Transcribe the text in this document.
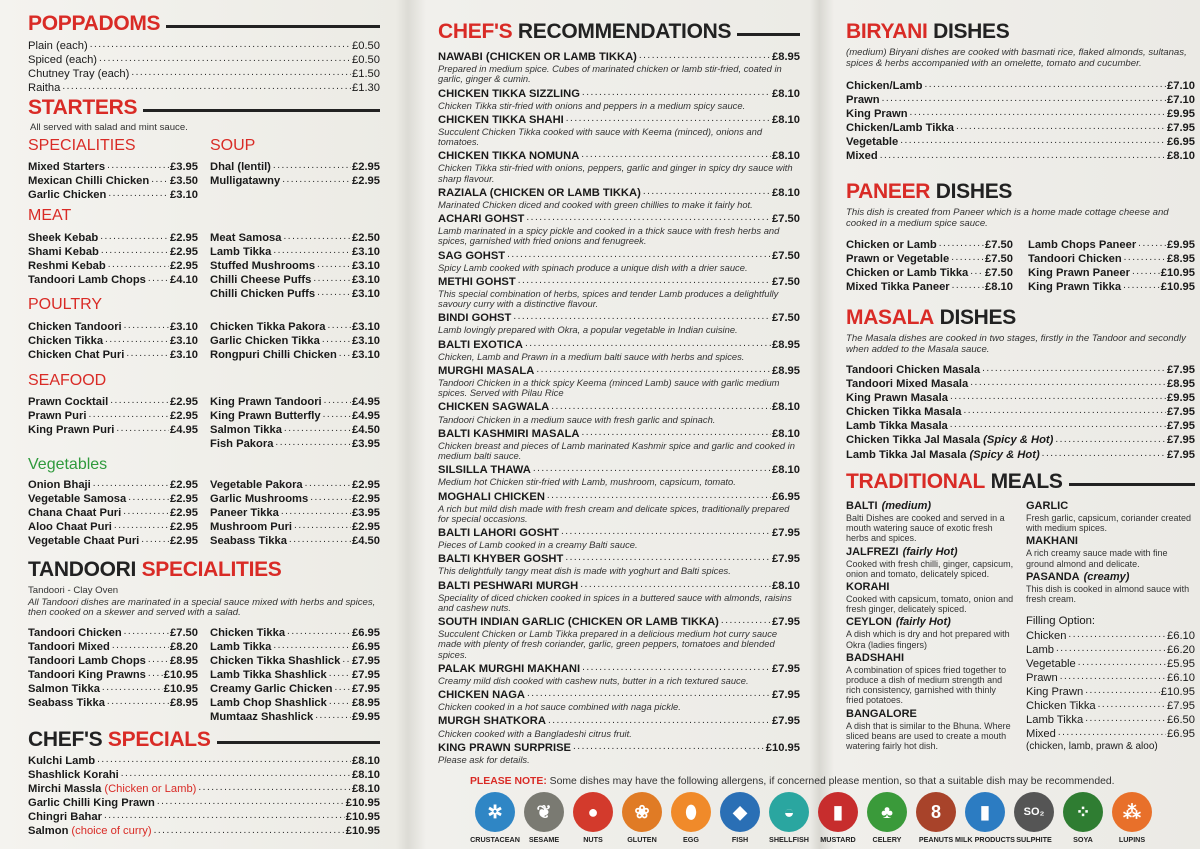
POPPADOMS
Plain (each) .....	£0.50
Spiced (each) .....	£0.50
Chutney Tray (each) .....	£1.50
Raitha .....	£1.30
STARTERS
All served with salad and mint sauce.
SPECIALITIES
Mixed Starters .....	£3.95
Mexican Chilli Chicken ..... £3.50
Garlic Chicken .....	£3.10
SOUP
Dhal (lentil) .....	£2.95
Mulligatawny .....	£2.95
MEAT
Sheek Kebab .....	£2.95
Shami Kebab .....	£2.95
Reshmi Kebab .....	£2.95
Tandoori Lamb Chops ..... £4.10
Meat Samosa .....	£2.50
Lamb Tikka .....	£3.10
Stuffed Mushrooms .....	£3.10
Chilli Cheese Puffs .....	£3.10
Chilli Chicken Puffs .....	£3.10
POULTRY
Chicken Tandoori .....	£3.10
Chicken Tikka .....	£3.10
Chicken Chat Puri .....	£3.10
Chicken Tikka Pakora ..... £3.10
Garlic Chicken Tikka .....	£3.10
Rongpuri Chilli Chicken ..... £3.10
SEAFOOD
Prawn Cocktail .....	£2.95
Prawn Puri .....	£2.95
King Prawn Puri .....	£4.95
King Prawn Tandoori .....	£4.95
King Prawn Butterfly .....	£4.95
Salmon Tikka .....	£4.50
Fish Pakora .....	£3.95
Vegetables
Onion Bhaji .....	£2.95
Vegetable Samosa .....	£2.95
Chana Chaat Puri .....	£2.95
Aloo Chaat Puri .....	£2.95
Vegetable Chaat Puri .....	£2.95
Vegetable Pakora .....	£2.95
Garlic Mushrooms .....	£2.95
Paneer Tikka .....	£3.95
Mushroom Puri .....	£2.95
Seabass Tikka .....	£4.50
TANDOORI
SPECIALITIES
Tandoori - Clay Oven
All Tandoori dishes are marinated in a special sauce mixed with herbs and spices, then cooked on a skewer and served with a salad.
Tandoori Chicken .....	£7.50
Tandoori Mixed .....	£8.20
Tandoori Lamb Chops ..... £8.95
Tandoori King Prawns ..... £10.95
Salmon Tikka .....	£10.95
Seabass Tikka .....	£8.95
Chicken Tikka .....	£6.95
Lamb Tikka .....	£6.95
Chicken Tikka Shashlick ..... £7.95
Lamb Tikka Shashlick ..... £7.95
Creamy Garlic Chicken ..... £7.95
Lamb Chop Shashlick ..... £8.95
Mumtaaz Shashlick .....	£9.95
CHEF'S
SPECIALS
Kulchi Lamb .....	£8.10
Shashlick Korahi .....	£8.10
Mirchi Massla (Chicken or Lamb) .....	£8.10
Garlic Chilli King Prawn .....	£10.95
Chingri Bahar .....	£10.95
Salmon (choice of curry) .....	£10.95
CHEF'S
RECOMMENDATIONS
NAWABI (CHICKEN OR LAMB TIKKA) .....	£8.95
Prepared in medium spice. Cubes of marinated chicken or lamb stir-fried, coated in garlic, ginger & cumin.
CHICKEN TIKKA SIZZLING .....	£8.10
Chicken Tikka stir-fried with onions and peppers in a medium spicy sauce.
CHICKEN TIKKA SHAHI .....	£8.10
Succulent Chicken Tikka cooked with sauce with Keema (minced), onions and tomatoes.
CHICKEN TIKKA NOMUNA .....	£8.10
Chicken Tikka stir-fried with onions, peppers, garlic and ginger in spicy dry sauce with sharp flavour.
RAZIALA (CHICKEN OR LAMB TIKKA) .....	£8.10
Marinated Chicken diced and cooked with green chillies to make it fairly hot.
ACHARI GOHST .....	£7.50
Lamb marinated in a spicy pickle and cooked in a thick sauce with fresh herbs and spices, garnished with fried onions and fenugreek.
SAG GOHST .....	£7.50
Spicy Lamb cooked with spinach produce a unique dish with a drier sauce.
METHI GOHST .....	£7.50
This special combination of herbs, spices and tender Lamb produces a delightfully savoury curry with a distinctive flavour.
BINDI GOHST .....	£7.50
Lamb lovingly prepared with Okra, a popular vegetable in Indian cuisine.
BALTI EXOTICA .....	£8.95
Chicken, Lamb and Prawn in a medium balti sauce with herbs and spices.
MURGHI MASALA .....	£8.95
Tandoori Chicken in a thick spicy Keema (minced Lamb) sauce with garlic medium spices. Served with Pilau Rice
CHICKEN SAGWALA .....	£8.10
Tandoori Chicken in a medium sauce with fresh garlic and spinach.
BALTI KASHMIRI MASALA .....	£8.10
Chicken breast and pieces of Lamb marinated Kashmir spice and garlic and cooked in medium balti sauce.
SILSILLA THAWA .....	£8.10
Medium hot Chicken stir-fried with Lamb, mushroom, capsicum, tomato.
MOGHALI CHICKEN .....	£6.95
A rich but mild dish made with fresh cream and delicate spices, traditionally prepared for special occasions.
BALTI LAHORI GOSHT .....	£7.95
Pieces of Lamb cooked in a creamy Balti sauce.
BALTI KHYBER GOSHT .....	£7.95
This delightfully tangy meat dish is made with yoghurt and Balti spices.
BALTI PESHWARI MURGH .....	£8.10
Speciality of diced chicken cooked in spices in a buttered sauce with almonds, raisins and cashew nuts.
SOUTH INDIAN GARLIC (CHICKEN OR LAMB TIKKA) .....	£7.95
Succulent Chicken or Lamb Tikka prepared in a delicious medium hot curry sauce made with plenty of fresh coriander, garlic, green peppers, tomatoes and blended spices.
PALAK MURGHI MAKHANI .....	£7.95
Creamy mild dish cooked with cashew nuts, butter in a rich textured sauce.
CHICKEN NAGA .....	£7.95
Chicken cooked in a hot sauce combined with naga pickle.
MURGH SHATKORA .....	£7.95
Chicken cooked with a Bangladeshi citrus fruit.
KING PRAWN SURPRISE .....	£10.95
Please ask for details.
PLEASE NOTE: Some dishes may have the following allergens, if concerned please mention, so that a suitable dish may be recommended.
✲
CRUSTACEAN
❦
SESAME
●
NUTS
❀
GLUTEN
⬮
EGG
◆
FISH
◒
SHELLFISH
▮
MUSTARD
♣
CELERY
8
PEANUTS
▮
MILK PRODUCTS
SO₂
SULPHITE
⁘
SOYA
⁂
LUPINS
BIRYANI
DISHES
(medium) Biryani dishes are cooked with basmati rice, flaked almonds, sultanas, spices & herbs accompanied with an omelette, tomato and cucumber.
Chicken/Lamb .....	£7.10
Prawn .....	£7.10
King Prawn .....	£9.95
Chicken/Lamb Tikka .....	£7.95
Vegetable .....	£6.95
Mixed .....	£8.10
PANEER
DISHES
This dish is created from Paneer which is a home made cottage cheese and cooked in a medium spice sauce.
Chicken or Lamb .....	£7.50
Prawn or Vegetable .....	£7.50
Chicken or Lamb Tikka ..... £7.50
Mixed Tikka Paneer .....	£8.10
Lamb Chops Paneer .....	£9.95
Tandoori Chicken .....	£8.95
King Prawn Paneer .....	£10.95
King Prawn Tikka .....	£10.95
MASALA
DISHES
The Masala dishes are cooked in two stages, firstly in the Tandoor and secondly when added to the Masala sauce.
Tandoori Chicken Masala .....	£7.95
Tandoori Mixed Masala .....	£8.95
King Prawn Masala .....	£9.95
Chicken Tikka Masala .....	£7.95
Lamb Tikka Masala .....	£7.95
Chicken Tikka Jal Masala (Spicy & Hot) .....	£7.95
Lamb Tikka Jal Masala (Spicy & Hot) .....	£7.95
TRADITIONAL
MEALS
BALTI (medium)
Balti Dishes are cooked and served in a mouth watering sauce of exotic fresh herbs and spices.
JALFREZI (fairly Hot)
Cooked with fresh chilli, ginger, capsicum, onion and tomato, delicately spiced.
KORAHI
Cooked with capsicum, tomato, onion and fresh ginger, delicately spiced.
CEYLON (fairly Hot)
A dish which is dry and hot prepared with Okra (ladies fingers)
BADSHAHI
A combination of spices fried together to produce a dish of medium strength and rich consistency, garnished with thinly fried potatoes.
BANGALORE
A dish that is similar to the Bhuna. Where sliced beans are used to create a mouth watering fairly hot dish.
GARLIC
Fresh garlic, capsicum, coriander created with medium spices.
MAKHANI
A rich creamy sauce made with fine ground almond and delicate.
PASANDA (creamy)
This dish is cooked in almond sauce with fresh cream.
Filling Option:
Chicken .....	£6.10
Lamb .....	£6.20
Vegetable .....	£5.95
Prawn .....	£6.10
King Prawn .....	£10.95
Chicken Tikka .....	£7.95
Lamb Tikka .....	£6.50
Mixed .....	£6.95
(chicken, lamb, prawn & aloo)
